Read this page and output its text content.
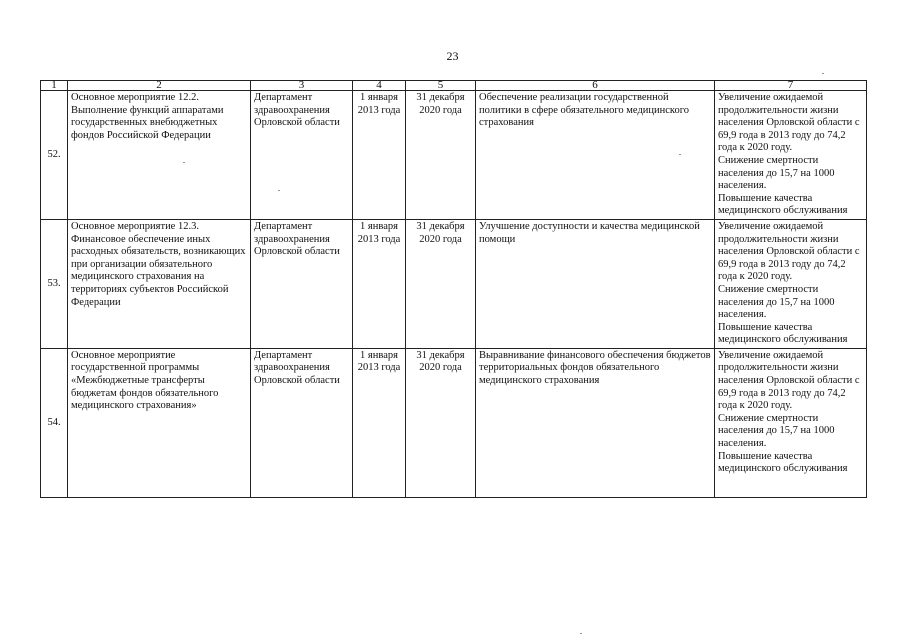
23
1	2	3	4	5	6	7
52.	Основное мероприятие 12.2. Выполнение функций аппаратами государственных внебюджетных фондов Российской Федерации	Департамент здравоохранения Орловской области	1 января 2013 года	31 декабря 2020 года	Обеспечение реализации государственной политики в сфере обязательного медицинского страхования	Увеличение ожидаемой продолжительности жизни населения Орловской области с 69,9 года в 2013 году до 74,2 года к 2020 году.
Снижение смертности населения до 15,7 на 1000 населения.
Повышение качества медицинского обслуживания

53.	Основное мероприятие 12.3. Финансовое обеспечение иных расходных обязательств, возникающих при организации обязательного медицинского страхования на территориях субъектов Российской Федерации	Департамент здравоохранения Орловской области	1 января 2013 года	31 декабря 2020 года	Улучшение доступности и качества медицинской помощи	Увеличение ожидаемой продолжительности жизни населения Орловской области с 69,9 года в 2013 году до 74,2 года к 2020 году.
Снижение смертности населения до 15,7 на 1000 населения.
Повышение качества медицинского обслуживания

54.	Основное мероприятие государственной программы «Межбюджетные трансферты бюджетам фондов обязательного медицинского страхования»	Департамент здравоохранения Орловской области	1 января 2013 года	31 декабря 2020 года	Выравнивание финансового обеспечения бюджетов территориальных фондов обязательного медицинского страхования	Увеличение ожидаемой продолжительности жизни населения Орловской области с 69,9 года в 2013 году до 74,2 года к 2020 году.
Снижение смертности населения до 15,7 на 1000 населения.
Повышение качества медицинского обслуживания
